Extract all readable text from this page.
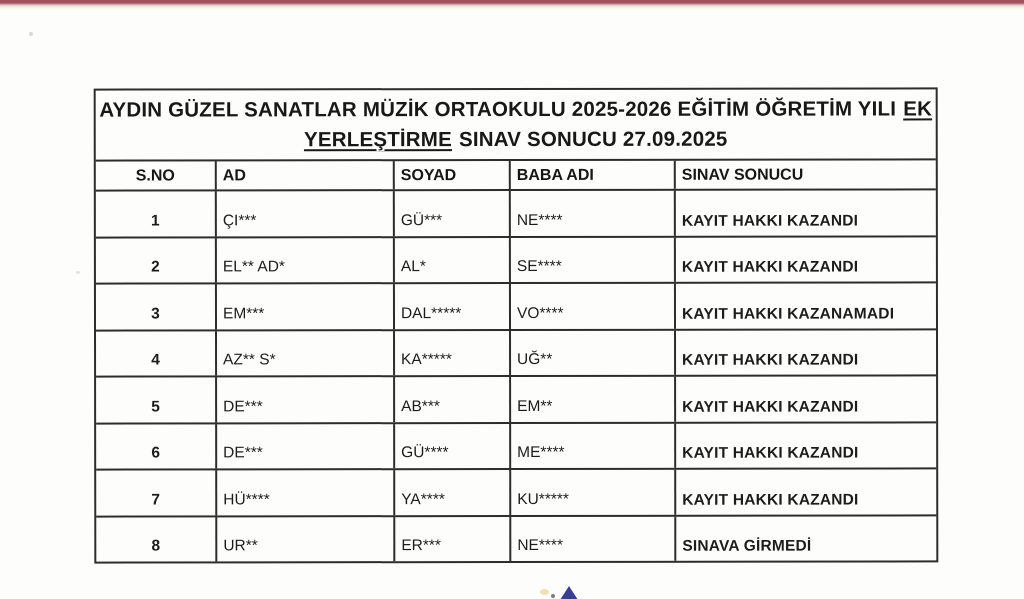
AYDIN GÜZEL SANATLAR MÜZİK ORTAOKULU 2025-2026 EĞİTİM ÖĞRETİM YILI EK
YERLEŞTİRME SINAV SONUCU 27.09.2025
S.NO	AD	SOYAD	BABA ADI	SINAV SONUCU
1	ÇI***	GÜ***	NE****	KAYIT HAKKI KAZANDI
2	EL** AD*	AL*	SE****	KAYIT HAKKI KAZANDI
3	EM***	DAL*****	VO****	KAYIT HAKKI KAZANAMADI
4	AZ** S*	KA*****	UĞ**	KAYIT HAKKI KAZANDI
5	DE***	AB***	EM**	KAYIT HAKKI KAZANDI
6	DE***	GÜ****	ME****	KAYIT HAKKI KAZANDI
7	HÜ****	YA****	KU*****	KAYIT HAKKI KAZANDI
8	UR**	ER***	NE****	SINAVA GİRMEDİ
